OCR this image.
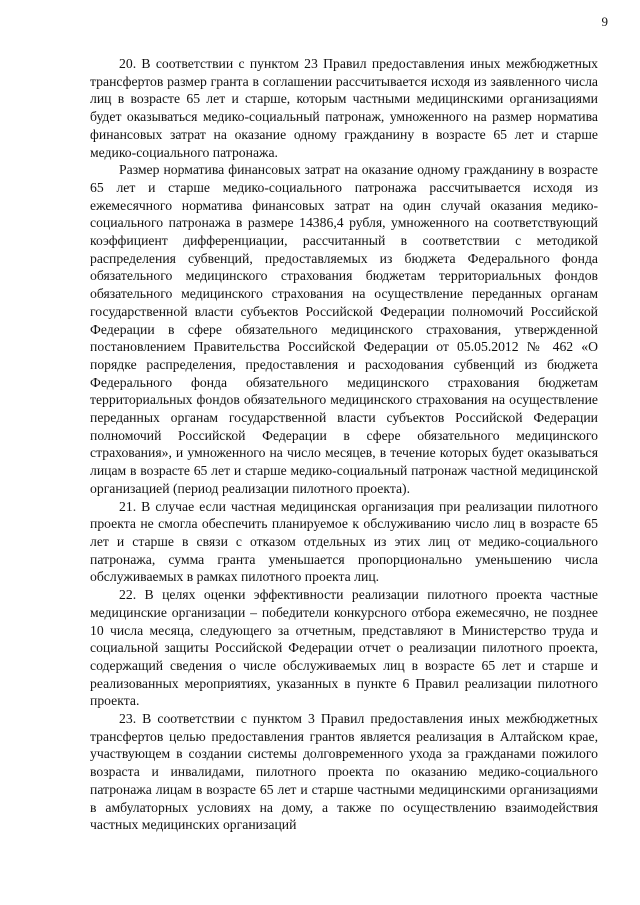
9

20. В соответствии с пунктом 23 Правил предоставления иных межбюджетных трансфертов размер гранта в соглашении рассчитывается исходя из заявленного числа лиц в возрасте 65 лет и старше, которым частными медицинскими организациями будет оказываться медико-социальный патронаж, умноженного на размер норматива финансовых затрат на оказание одному гражданину в возрасте 65 лет и старше медико-социального патронажа.

Размер норматива финансовых затрат на оказание одному гражданину в возрасте 65 лет и старше медико-социального патронажа рассчитывается исходя из ежемесячного норматива финансовых затрат на один случай оказания медико-социального патронажа в размере 14386,4 рубля, умноженного на соответствующий коэффициент дифференциации, рассчитанный в соответствии с методикой распределения субвенций, предоставляемых из бюджета Федерального фонда обязательного медицинского страхования бюджетам территориальных фондов обязательного медицинского страхования на осуществление переданных органам государственной власти субъектов Российской Федерации полномочий Российской Федерации в сфере обязательного медицинского страхования, утвержденной постановлением Правительства Российской Федерации от 05.05.2012 № 462 «О порядке распределения, предоставления и расходования субвенций из бюджета Федерального фонда обязательного медицинского страхования бюджетам территориальных фондов обязательного медицинского страхования на осуществление переданных органам государственной власти субъектов Российской Федерации полномочий Российской Федерации в сфере обязательного медицинского страхования», и умноженного на число месяцев, в течение которых будет оказываться лицам в возрасте 65 лет и старше медико-социальный патронаж частной медицинской организацией (период реализации пилотного проекта).

21. В случае если частная медицинская организация при реализации пилотного проекта не смогла обеспечить планируемое к обслуживанию число лиц в возрасте 65 лет и старше в связи с отказом отдельных из этих лиц от медико-социального патронажа, сумма гранта уменьшается пропорционально уменьшению числа обслуживаемых в рамках пилотного проекта лиц.

22. В целях оценки эффективности реализации пилотного проекта частные медицинские организации – победители конкурсного отбора ежемесячно, не позднее 10 числа месяца, следующего за отчетным, представляют в Министерство труда и социальной защиты Российской Федерации отчет о реализации пилотного проекта, содержащий сведения о числе обслуживаемых лиц в возрасте 65 лет и старше и реализованных мероприятиях, указанных в пункте 6 Правил реализации пилотного проекта.

23. В соответствии с пунктом 3 Правил предоставления иных межбюджетных трансфертов целью предоставления грантов является реализация в Алтайском крае, участвующем в создании системы долговременного ухода за гражданами пожилого возраста и инвалидами, пилотного проекта по оказанию медико-социального патронажа лицам в возрасте 65 лет и старше частными медицинскими организациями в амбулаторных условиях на дому, а также по осуществлению взаимодействия частных медицинских организаций
